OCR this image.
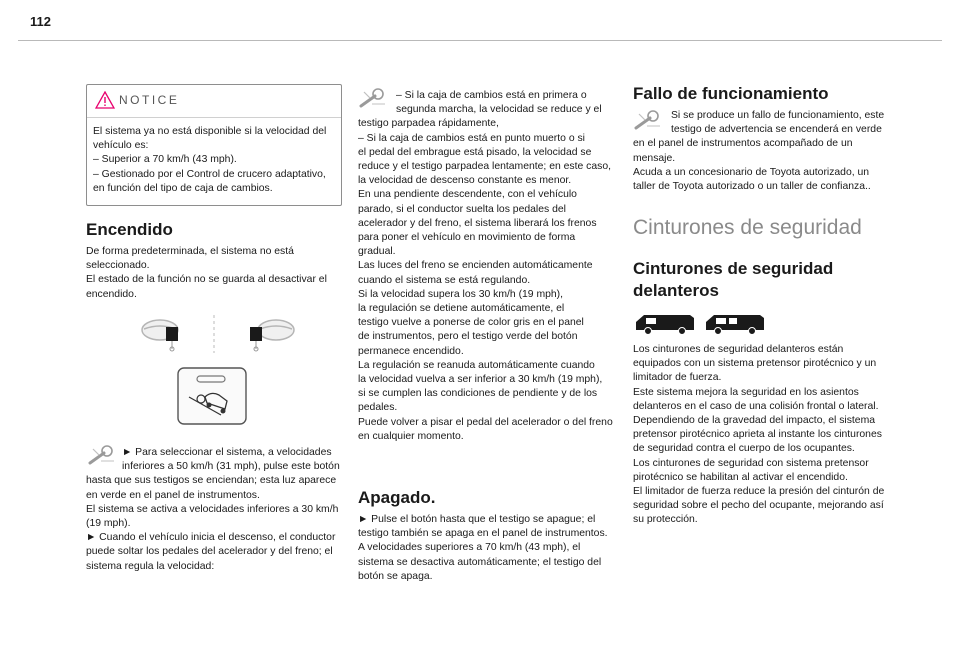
112
NOTICE
El sistema ya no está disponible si la velocidad del
vehículo es:
– Superior a 70 km/h (43 mph).
– Gestionado por el Control de crucero adaptativo,
en función del tipo de caja de cambios.
Encendido
De forma predeterminada, el sistema no está
seleccionado.
El estado de la función no se guarda al desactivar el
encendido.
► Para seleccionar el sistema, a velocidades
inferiores a 50 km/h (31 mph), pulse este botón
hasta que sus testigos se enciendan; esta luz aparece
en verde en el panel de instrumentos.
El sistema se activa a velocidades inferiores a 30 km/h
(19 mph).
► Cuando el vehículo inicia el descenso, el conductor
puede soltar los pedales del acelerador y del freno; el
sistema regula la velocidad:
– Si la caja de cambios está en primera o
segunda marcha, la velocidad se reduce y el
testigo parpadea rápidamente,
– Si la caja de cambios está en punto muerto o si
el pedal del embrague está pisado, la velocidad se
reduce y el testigo parpadea lentamente; en este caso,
la velocidad de descenso constante es menor.
En una pendiente descendente, con el vehículo
parado, si el conductor suelta los pedales del
acelerador y del freno, el sistema liberará los frenos
para poner el vehículo en movimiento de forma
gradual.
Las luces del freno se encienden automáticamente
cuando el sistema se está regulando.
Si la velocidad supera los 30 km/h (19 mph),
la regulación se detiene automáticamente, el
testigo vuelve a ponerse de color gris en el panel
de instrumentos, pero el testigo verde del botón
permanece encendido.
La regulación se reanuda automáticamente cuando
la velocidad vuelva a ser inferior a 30 km/h (19 mph),
si se cumplen las condiciones de pendiente y de los
pedales.
Puede volver a pisar el pedal del acelerador o del freno
en cualquier momento.
Apagado.
► Pulse el botón hasta que el testigo se apague; el
testigo también se apaga en el panel de instrumentos.
A velocidades superiores a 70 km/h (43 mph), el
sistema se desactiva automáticamente; el testigo del
botón se apaga.
Fallo de funcionamiento
Si se produce un fallo de funcionamiento, este
testigo de advertencia se encenderá en verde
en el panel de instrumentos acompañado de un
mensaje.
Acuda a un concesionario de Toyota autorizado, un
taller de Toyota autorizado o un taller de confianza..
Cinturones de seguridad
Cinturones de seguridad
delanteros
Los cinturones de seguridad delanteros están
equipados con un sistema pretensor pirotécnico y un
limitador de fuerza.
Este sistema mejora la seguridad en los asientos
delanteros en el caso de una colisión frontal o lateral.
Dependiendo de la gravedad del impacto, el sistema
pretensor pirotécnico aprieta al instante los cinturones
de seguridad contra el cuerpo de los ocupantes.
Los cinturones de seguridad con sistema pretensor
pirotécnico se habilitan al activar el encendido.
El limitador de fuerza reduce la presión del cinturón de
seguridad sobre el pecho del ocupante, mejorando así
su protección.
